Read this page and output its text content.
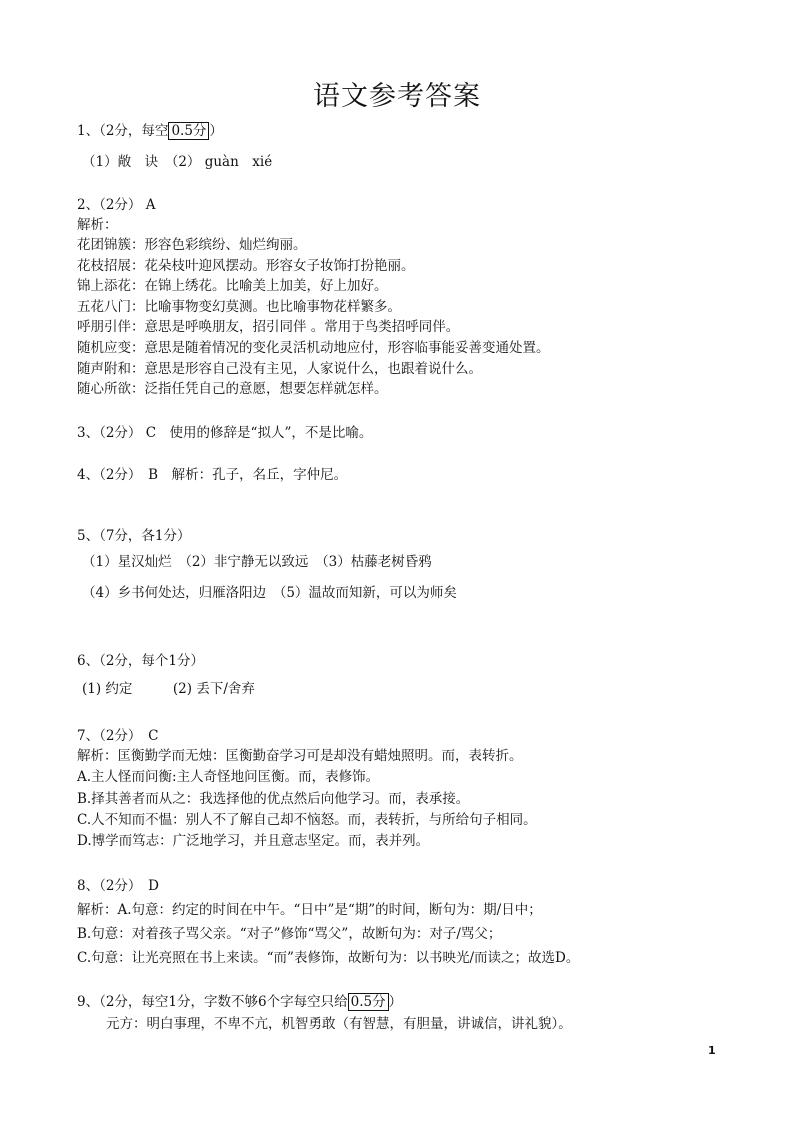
语文参考答案
1、（2分，每空 0.5分 ）
（1）敞　诀　（2） guàn　xié
2、（2分） A
解析：
花团锦簇：形容色彩缤纷、灿烂绚丽。
花枝招展：花朵枝叶迎风摆动。形容女子妆饰打扮艳丽。
锦上添花：在锦上绣花。比喻美上加美，好上加好。
五花八门：比喻事物变幻莫测。也比喻事物花样繁多。
呼朋引伴：意思是呼唤朋友，招引同伴 。常用于鸟类招呼同伴。
随机应变：意思是随着情况的变化灵活机动地应付，形容临事能妥善变通处置。
随声附和：意思是形容自己没有主见，人家说什么，也跟着说什么。
随心所欲：泛指任凭自己的意愿，想要怎样就怎样。
3、（2分） C　使用的修辞是“拟人”，不是比喻。
4、（2分）　B　解析：孔子，名丘，字仲尼。
5、（7分，各1分）
（1）星汉灿烂　（2）非宁静无以致远　（3）枯藤老树昏鸦
（4）乡书何处达，归雁洛阳边　（5）温故而知新，可以为师矣
6、（2分，每个1分）
(1) 约定　　　(2) 丢下/舍弃
7、（2分）　C
解析：匡衡勤学而无烛：匡衡勤奋学习可是却没有蜡烛照明。而，表转折。
A.主人怪而问衡:主人奇怪地问匡衡。而，表修饰。
B.择其善者而从之：我选择他的优点然后向他学习。而，表承接。
C.人不知而不愠：别人不了解自己却不恼怒。而，表转折，与所给句子相同。
D.博学而笃志：广泛地学习，并且意志坚定。而，表并列。
8、（2分）　D
解析：A.句意：约定的时间在中午。“日中”是“期”的时间，断句为：期/日中；
B.句意：对着孩子骂父亲。“对子”修饰“骂父”，故断句为：对子/骂父；
C.句意：让光亮照在书上来读。“而”表修饰，故断句为：以书映光/而读之；故选D。
9、（2分，每空1分，字数不够6个字每空只给 0.5分 ）
元方：明白事理，不卑不亢，机智勇敢（有智慧，有胆量，讲诚信，讲礼貌）。
1
